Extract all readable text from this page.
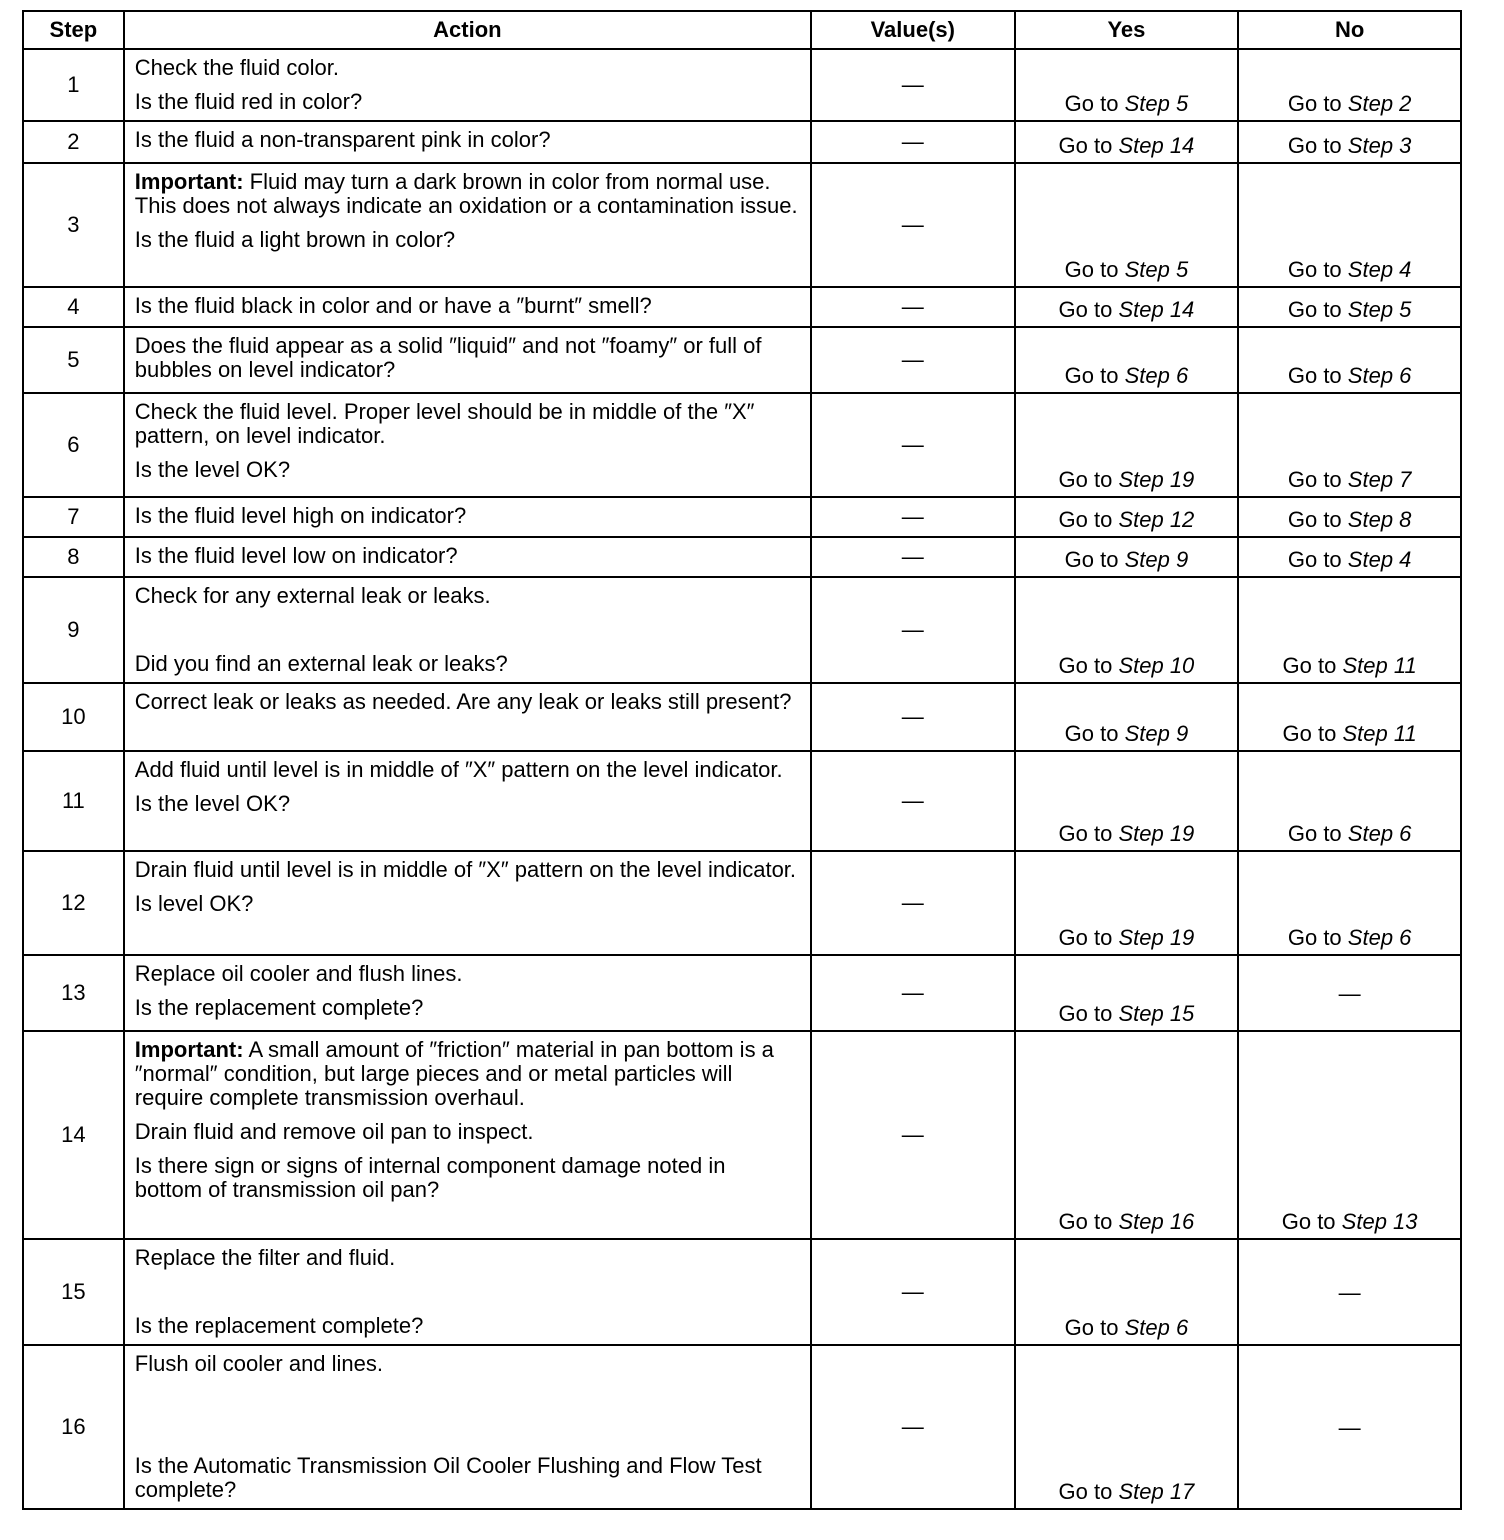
Step	Action	Value(s)	Yes	No
1	Check the fluid color.

Is the fluid red in color?	—	Go to Step 5	Go to Step 2
2	Is the fluid a non-transparent pink in color?	—	Go to Step 14	Go to Step 3
3	Important: Fluid may turn a dark brown in color from normal use. This does not always indicate an oxidation or a contamination issue.

Is the fluid a light brown in color?	—	Go to Step 5	Go to Step 4
4	Is the fluid black in color and or have a ″burnt″ smell?	—	Go to Step 14	Go to Step 5
5	Does the fluid appear as a solid ″liquid″ and not ″foamy″ or full of bubbles on level indicator?	—	Go to Step 6	Go to Step 6
6	Check the fluid level. Proper level should be in middle of the ″X″ pattern, on level indicator.

Is the level OK?	—	Go to Step 19	Go to Step 7
7	Is the fluid level high on indicator?	—	Go to Step 12	Go to Step 8
8	Is the fluid level low on indicator?	—	Go to Step 9	Go to Step 4
9	Check for any external leak or leaks.

Did you find an external leak or leaks?	—	Go to Step 10	Go to Step 11
10	Correct leak or leaks as needed. Are any leak or leaks still present?	—	Go to Step 9	Go to Step 11
11	Add fluid until level is in middle of ″X″ pattern on the level indicator.

Is the level OK?	—	Go to Step 19	Go to Step 6
12	Drain fluid until level is in middle of ″X″ pattern on the level indicator.

Is level OK?	—	Go to Step 19	Go to Step 6
13	Replace oil cooler and flush lines.

Is the replacement complete?	—	Go to Step 15	—
14	Important: A small amount of ″friction″ material in pan bottom is a ″normal″ condition, but large pieces and or metal particles will require complete transmission overhaul.

Drain fluid and remove oil pan to inspect.

Is there sign or signs of internal component damage noted in bottom of transmission oil pan?	—	Go to Step 16	Go to Step 13
15	Replace the filter and fluid.

Is the replacement complete?	—	Go to Step 6	—
16	Flush oil cooler and lines.

Is the Automatic Transmission Oil Cooler Flushing and Flow Test complete?	—	Go to Step 17	—
